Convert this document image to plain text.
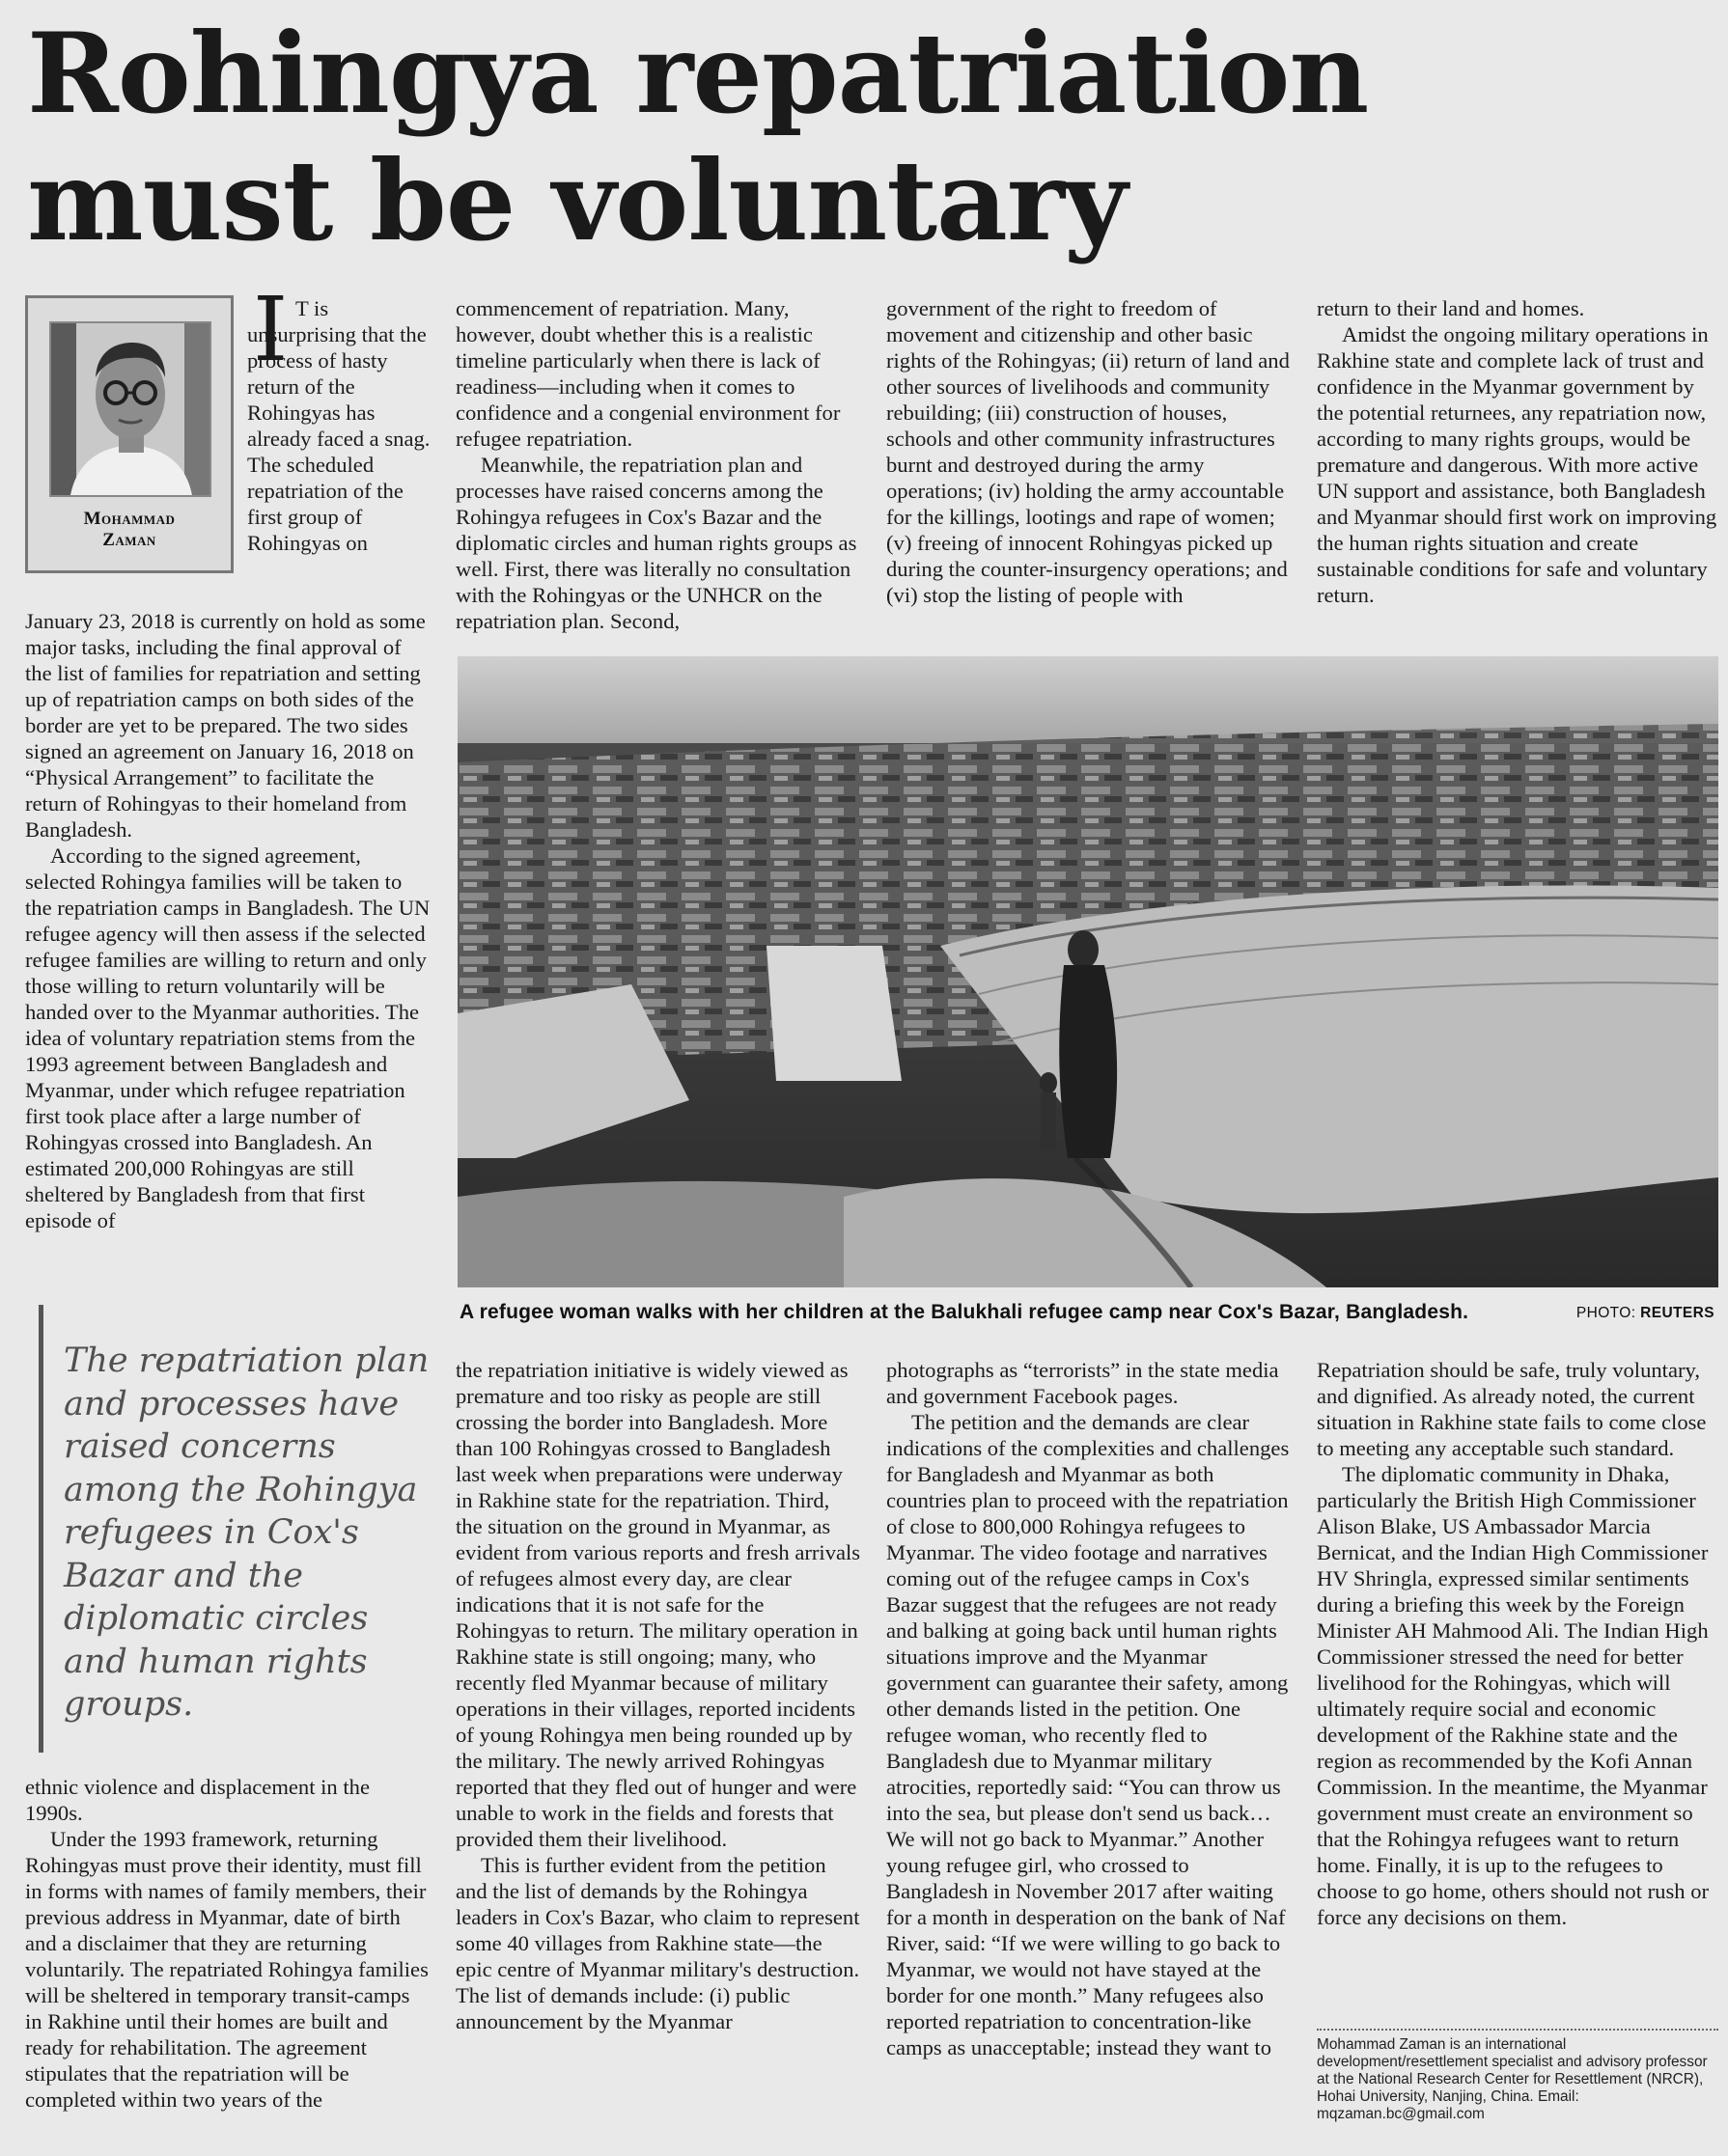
Rohingya repatriation
must be voluntary
Mohammad
Zaman
I T is unsurprising that the process of hasty return of the Rohingyas has already faced a snag. The scheduled repatriation of the first group of Rohingyas on

January 23, 2018 is currently on hold as some major tasks, including the final approval of the list of families for repatriation and setting up of repatriation camps on both sides of the border are yet to be prepared. The two sides signed an agreement on January 16, 2018 on “Physical Arrangement” to facilitate the return of Rohingyas to their homeland from Bangladesh.

According to the signed agreement, selected Rohingya families will be taken to the repatriation camps in Bangladesh. The UN refugee agency will then assess if the selected refugee families are willing to return and only those willing to return voluntarily will be handed over to the Myanmar authorities. The idea of voluntary repatriation stems from the 1993 agreement between Bangladesh and Myanmar, under which refugee repatriation first took place after a large number of Rohingyas crossed into Bangladesh. An estimated 200,000 Rohingyas are still sheltered by Bangladesh from that first episode of

commencement of repatriation. Many, however, doubt whether this is a realistic timeline particularly when there is lack of readiness—including when it comes to confidence and a congenial environment for refugee repatriation.

Meanwhile, the repatriation plan and processes have raised concerns among the Rohingya refugees in Cox's Bazar and the diplomatic circles and human rights groups as well. First, there was literally no consultation with the Rohingyas or the UNHCR on the repatriation plan. Second,

government of the right to freedom of movement and citizenship and other basic rights of the Rohingyas; (ii) return of land and other sources of livelihoods and community rebuilding; (iii) construction of houses, schools and other community infrastructures burnt and destroyed during the army operations; (iv) holding the army accountable for the killings, lootings and rape of women; (v) freeing of innocent Rohingyas picked up during the counter-insurgency operations; and (vi) stop the listing of people with

return to their land and homes.

Amidst the ongoing military operations in Rakhine state and complete lack of trust and confidence in the Myanmar government by the potential returnees, any repatriation now, according to many rights groups, would be premature and dangerous. With more active UN support and assistance, both Bangladesh and Myanmar should first work on improving the human rights situation and create sustainable conditions for safe and voluntary return.

A refugee woman walks with her children at the Balukhali refugee camp near Cox's Bazar, Bangladesh.	PHOTO: REUTERS
The repatriation plan and processes have raised concerns among the Rohingya refugees in Cox's Bazar and the diplomatic circles and human rights groups.

ethnic violence and displacement in the 1990s.

Under the 1993 framework, returning Rohingyas must prove their identity, must fill in forms with names of family members, their previous address in Myanmar, date of birth and a disclaimer that they are returning voluntarily. The repatriated Rohingya families will be sheltered in temporary transit-camps in Rakhine until their homes are built and ready for rehabilitation. The agreement stipulates that the repatriation will be completed within two years of the

the repatriation initiative is widely viewed as premature and too risky as people are still crossing the border into Bangladesh. More than 100 Rohingyas crossed to Bangladesh last week when preparations were underway in Rakhine state for the repatriation. Third, the situation on the ground in Myanmar, as evident from various reports and fresh arrivals of refugees almost every day, are clear indications that it is not safe for the Rohingyas to return. The military operation in Rakhine state is still ongoing; many, who recently fled Myanmar because of military operations in their villages, reported incidents of young Rohingya men being rounded up by the military. The newly arrived Rohingyas reported that they fled out of hunger and were unable to work in the fields and forests that provided them their livelihood.

This is further evident from the petition and the list of demands by the Rohingya leaders in Cox's Bazar, who claim to represent some 40 villages from Rakhine state—the epic centre of Myanmar military's destruction. The list of demands include: (i) public announcement by the Myanmar

photographs as “terrorists” in the state media and government Facebook pages.

The petition and the demands are clear indications of the complexities and challenges for Bangladesh and Myanmar as both countries plan to proceed with the repatriation of close to 800,000 Rohingya refugees to Myanmar. The video footage and narratives coming out of the refugee camps in Cox's Bazar suggest that the refugees are not ready and balking at going back until human rights situations improve and the Myanmar government can guarantee their safety, among other demands listed in the petition. One refugee woman, who recently fled to Bangladesh due to Myanmar military atrocities, reportedly said: “You can throw us into the sea, but please don't send us back…We will not go back to Myanmar.” Another young refugee girl, who crossed to Bangladesh in November 2017 after waiting for a month in desperation on the bank of Naf River, said: “If we were willing to go back to Myanmar, we would not have stayed at the border for one month.” Many refugees also reported repatriation to concentration-like camps as unacceptable; instead they want to

Repatriation should be safe, truly voluntary, and dignified. As already noted, the current situation in Rakhine state fails to come close to meeting any acceptable such standard.

The diplomatic community in Dhaka, particularly the British High Commissioner Alison Blake, US Ambassador Marcia Bernicat, and the Indian High Commissioner HV Shringla, expressed similar sentiments during a briefing this week by the Foreign Minister AH Mahmood Ali. The Indian High Commissioner stressed the need for better livelihood for the Rohingyas, which will ultimately require social and economic development of the Rakhine state and the region as recommended by the Kofi Annan Commission. In the meantime, the Myanmar government must create an environment so that the Rohingya refugees want to return home. Finally, it is up to the refugees to choose to go home, others should not rush or force any decisions on them.

Mohammad Zaman is an international development/resettlement specialist and advisory professor at the National Research Center for Resettlement (NRCR), Hohai University, Nanjing, China. Email: mqzaman.bc@gmail.com
